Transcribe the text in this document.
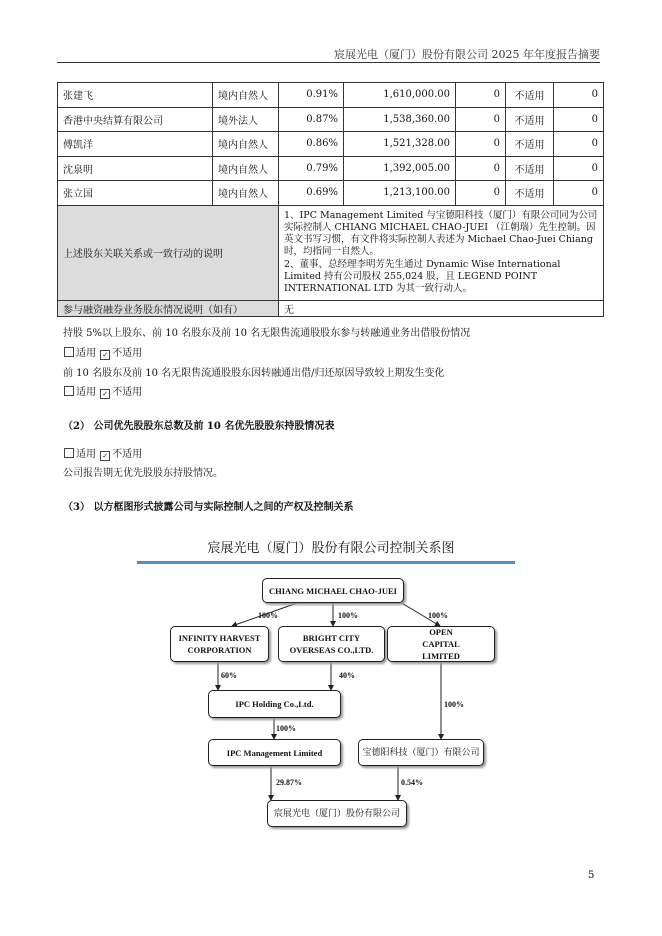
宸展光电（厦门）股份有限公司 2025 年年度报告摘要
张建飞	境内自然人	0.91%	1,610,000.00	0	不适用	0
香港中央结算有限公司	境外法人	0.87%	1,538,360.00	0	不适用	0
傅凯洋	境内自然人	0.86%	1,521,328.00	0	不适用	0
沈泉明	境内自然人	0.79%	1,392,005.00	0	不适用	0
张立国	境内自然人	0.69%	1,213,100.00	0	不适用	0
上述股东关联关系或一致行动的说明		1、IPC Management Limited 与宝德阳科技（厦门）有限公司同为公司实际控制人 CHIANG MICHAEL CHAO-JUEI （江朝瑞）先生控制。因英文书写习惯，有文件将实际控制人表述为 Michael Chao-Juei Chiang 时，均指同一自然人。
2、董事、总经理李明芳先生通过 Dynamic Wise International Limited 持有公司股权 255,024 股，且 LEGEND POINT INTERNATIONAL LTD 为其一致行动人。				

参与融资融券业务股东情况说明（如有）		无				
持股 5%以上股东、前 10 名股东及前 10 名无限售流通股股东参与转融通业务出借股份情况
适用 ✓ 不适用
前 10 名股东及前 10 名无限售流通股股东因转融通出借/归还原因导致较上期发生变化
适用 ✓ 不适用
（2） 公司优先股股东总数及前 10 名优先股股东持股情况表
适用 ✓ 不适用
公司报告期无优先股股东持股情况。
（3） 以方框图形式披露公司与实际控制人之间的产权及控制关系
宸展光电（厦门）股份有限公司控制关系图
CHIANG MICHAEL CHAO-JUEI
INFINITY HARVEST CORPORATION
BRIGHT CITY OVERSEAS CO.,LTD.
OPEN CAPITAL LIMITED
IPC Holding Co.,Ltd.
IPC Management Limited	宝德阳科技（厦门）有限公司
宸展光电（厦门）股份有限公司
100%	100%	100%
60%	40%
100%
100%
29.87%	0.54%
5
